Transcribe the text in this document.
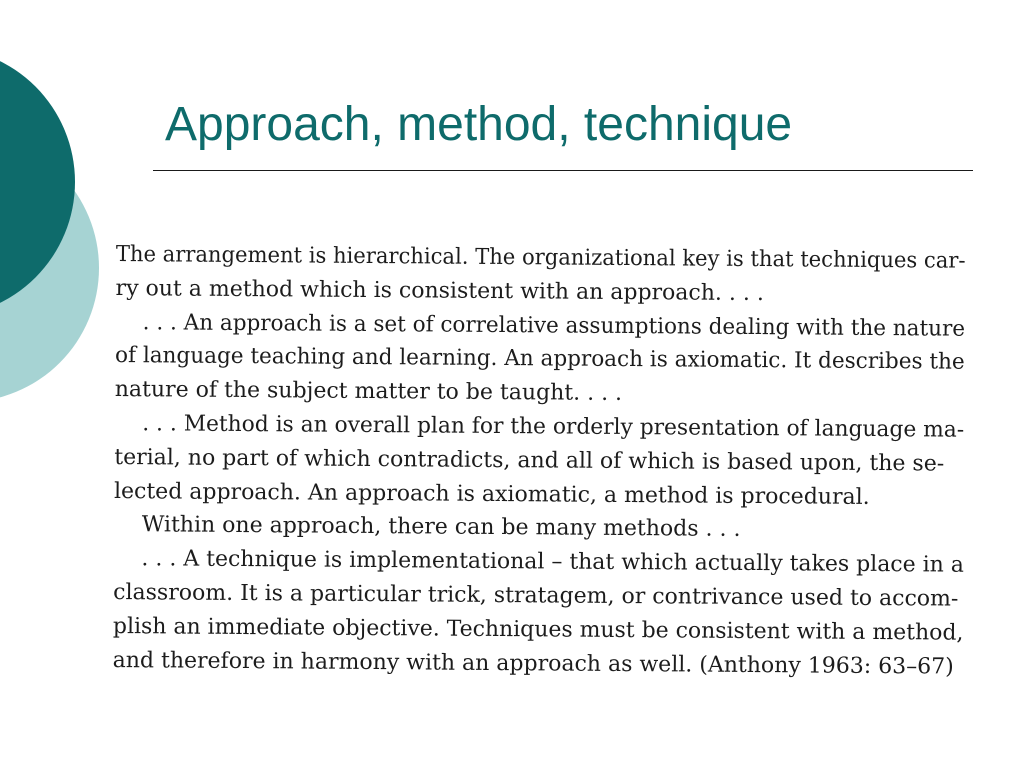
Approach, method, technique
The arrangement is hierarchical. The organizational key is that techniques car-
ry out a method which is consistent with an approach. . . .
. . . An approach is a set of correlative assumptions dealing with the nature
of language teaching and learning. An approach is axiomatic. It describes the
nature of the subject matter to be taught. . . .
. . . Method is an overall plan for the orderly presentation of language ma-
terial, no part of which contradicts, and all of which is based upon, the se-
lected approach. An approach is axiomatic, a method is procedural.
Within one approach, there can be many methods . . .
. . . A technique is implementational – that which actually takes place in a
classroom. It is a particular trick, stratagem, or contrivance used to accom-
plish an immediate objective. Techniques must be consistent with a method,
and therefore in harmony with an approach as well. (Anthony 1963: 63–67)
